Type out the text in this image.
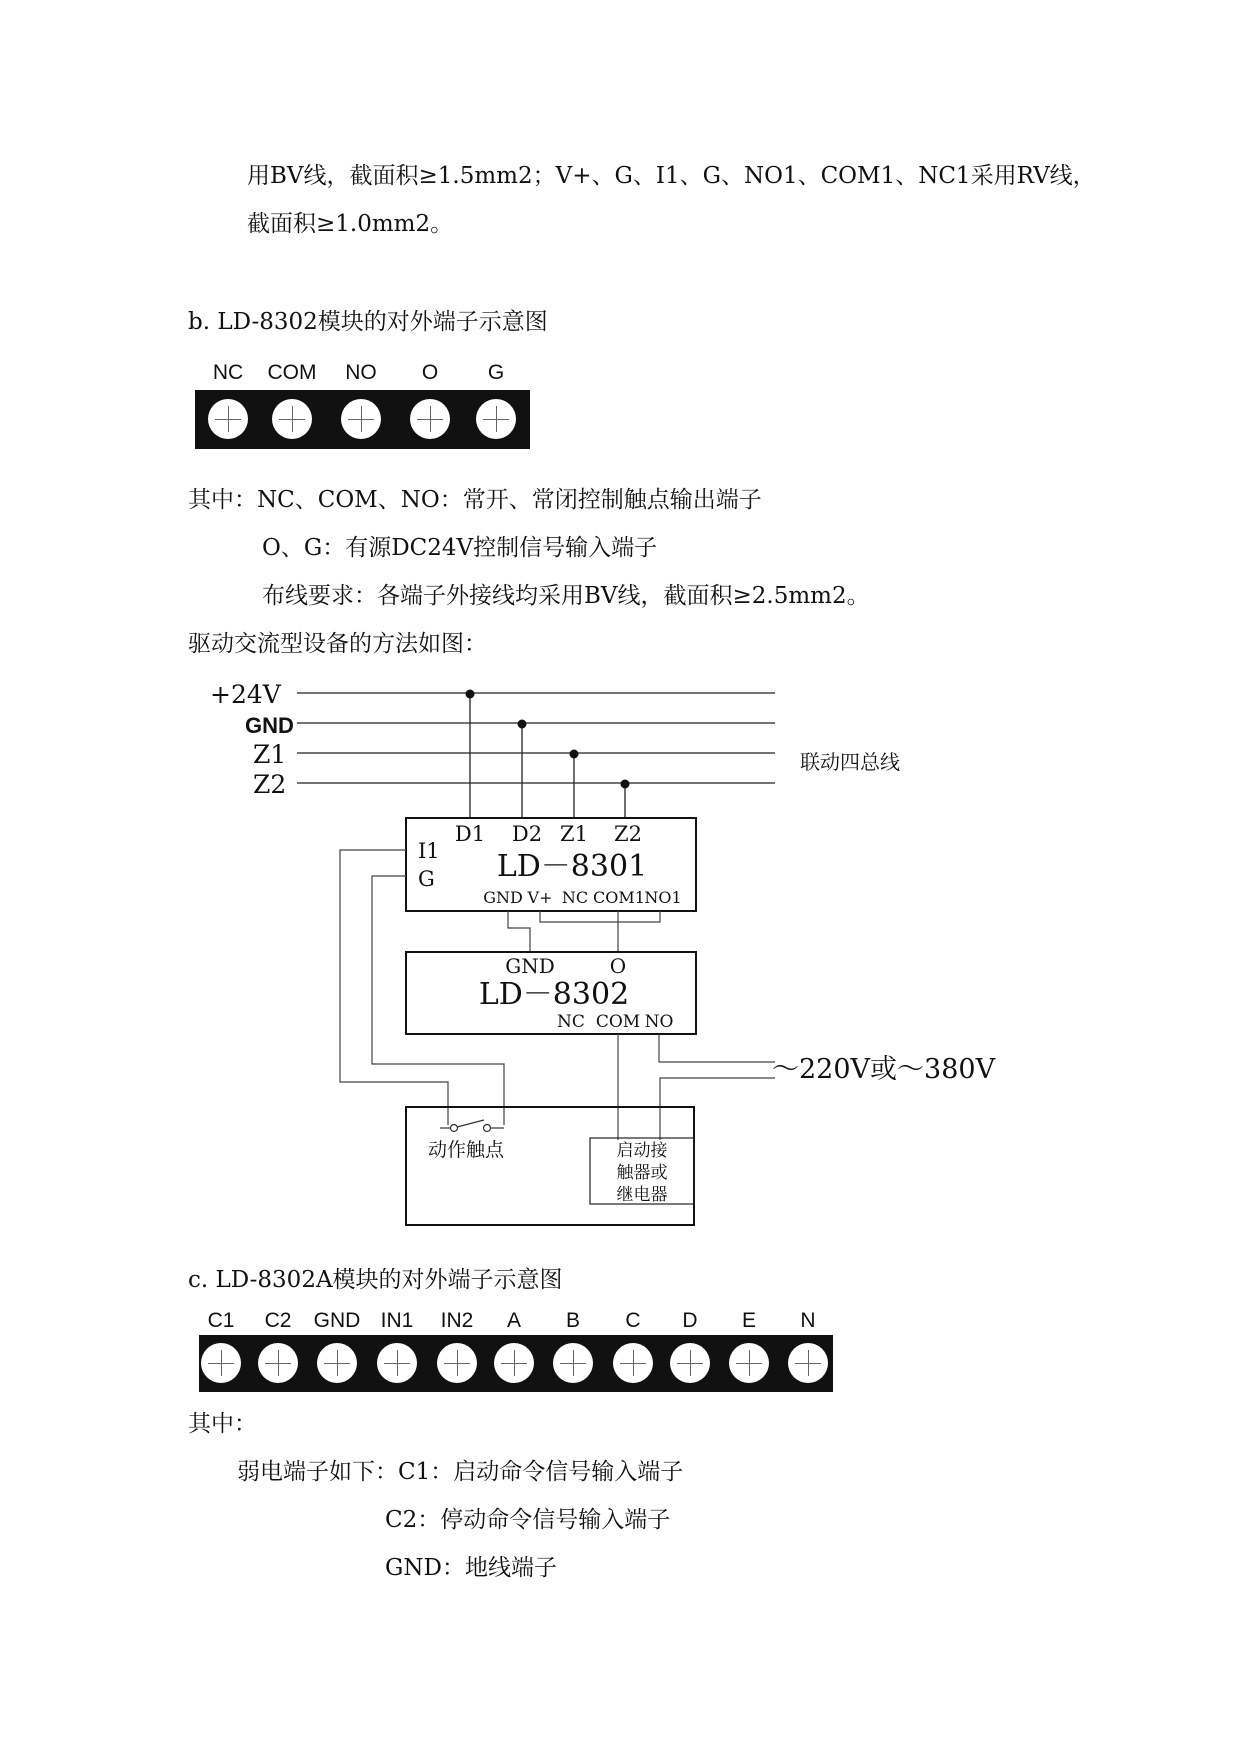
用BV线，截面积≥1.5mm2；V+、G、I1、G、NO1、COM1、NC1采用RV线，
截面积≥1.0mm2。
b. LD-8302模块的对外端子示意图
NC COM NO O G
其中：NC、COM、NO：常开、常闭控制触点输出端子
O、G：有源DC24V控制信号输入端子
布线要求：各端子外接线均采用BV线，截面积≥2.5mm2。
驱动交流型设备的方法如图：
+24V
GND
Z1
Z2
联动四总线
D1 D2 Z1 Z2
I1
G LD－8301
GND V+ NC COM1 NO1
GND	O
LD－8302
NC COM NO
～220V或～380V
动作触点	启动接
触器或
继电器
c. LD-8302A模块的对外端子示意图
C1 C2 GND IN1 IN2 A B C D E N
其中：
弱电端子如下：C1：启动命令信号输入端子
C2：停动命令信号输入端子
GND：地线端子
